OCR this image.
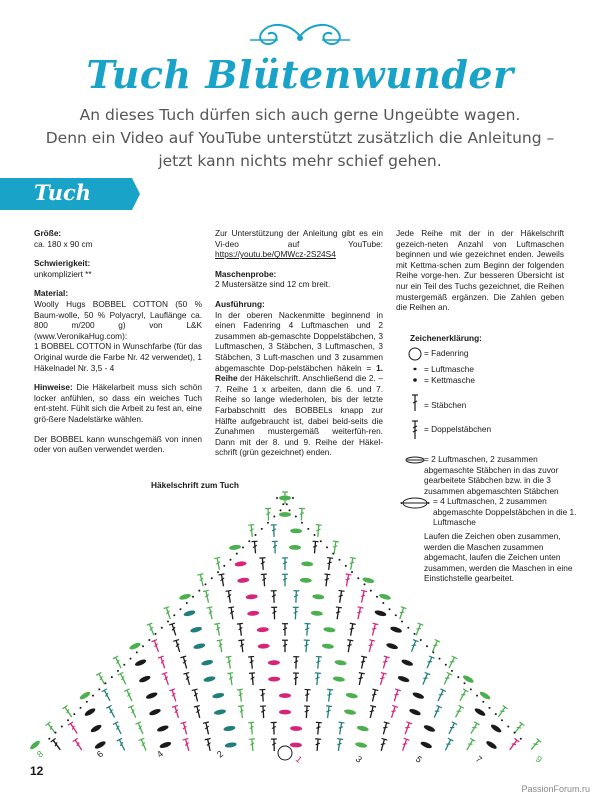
Tuch Blütenwunder
An dieses Tuch dürfen sich auch gerne Ungeübte wagen.
Denn ein Video auf YouTube unterstützt zusätzlich die Anleitung –
jetzt kann nichts mehr schief gehen.
Tuch

Größe:
ca. 180 x 90 cm

Schwierigkeit:
unkompliziert **

Material:
Woolly Hugs BOBBEL COTTON (50 % Baum-wolle, 50 % Polyacryl, Lauflänge ca. 800 m/200 g) von L&K (www.VeronikaHug.com):
1 BOBBEL COTTON in Wunschfarbe (für das Original wurde die Farbe Nr. 42 verwendet), 1 Häkelnadel Nr. 3,5 - 4

Hinweise: Die Häkelarbeit muss sich schön locker anfühlen, so dass ein weiches Tuch ent-steht. Fühlt sich die Arbeit zu fest an, eine grö-ßere Nadelstärke wählen.

Der BOBBEL kann wunschgemäß von innen oder von außen verwendet werden.

Zur Unterstützung der Anleitung gibt es ein Vi-deo auf YouTube: https://youtu.be/QMWcz-2S24S4

Maschenprobe:
2 Mustersätze sind 12 cm breit.

Ausführung:
In der oberen Nackenmitte beginnend in einen Fadenring 4 Luftmaschen und 2 zusammen ab-gemaschte Doppelstäbchen, 3 Luftmaschen, 3 Stäbchen, 3 Luftmaschen, 3 Stäbchen, 3 Luft-maschen und 3 zusammen abgemaschte Dop-pelstäbchen häkeln = 1. Reihe der Häkelschrift. Anschließend die 2. – 7. Reihe 1 x arbeiten, dann die 6. und 7. Reihe so lange wiederholen, bis der letzte Farbabschnitt des BOBBELs knapp zur Hälfte aufgebraucht ist, dabei beid-seits die Zunahmen mustergemäß weiterfüh-ren. Dann mit der 8. und 9. Reihe der Häkel-schrift (grün gezeichnet) enden.

Jede Reihe mit der in der Häkelschrift gezeich-neten Anzahl von Luftmaschen beginnen und wie gezeichnet enden. Jeweils mit Kettma-schen zum Beginn der folgenden Reihe vorge-hen. Zur besseren Übersicht ist nur ein Teil des Tuchs gezeichnet, die Reihen mustergemäß ergänzen. Die Zahlen geben die Reihen an.

Zeichenerklärung:
= Fadenring
= Luftmasche
= Kettmasche
= Stäbchen
= Doppelstäbchen
= 2 Luftmaschen, 2 zusammen abgemaschte Stäbchen in das zuvor gearbeitete Stäbchen bzw. in die 3 zusammen abgemaschten Stäbchen
= 4 Luftmaschen, 2 zusammen abgemaschte Doppelstäbchen in die 1. Luftmasche
Laufen die Zeichen oben zusammen, werden die Maschen zusammen abgemacht, laufen die Zeichen unten zusammen, werden die Maschen in eine Einstichstelle gearbeitet.
Häkelschrift zum Tuch
8	6	4	2	1	3	5	7	9
12
PassionForum.ru
